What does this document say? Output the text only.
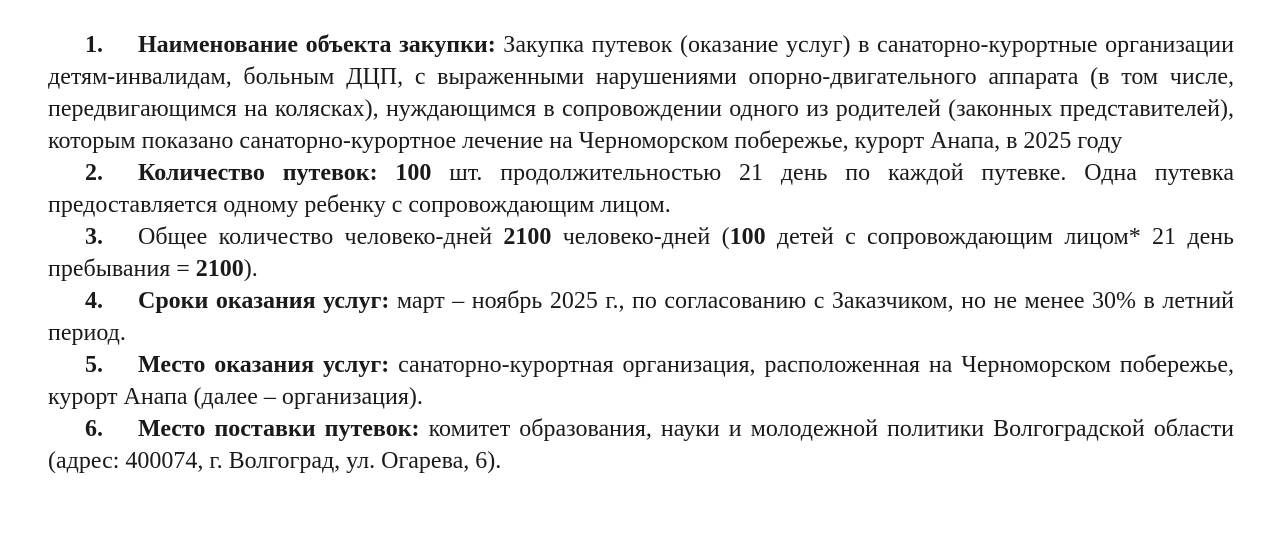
1. Наименование объекта закупки: Закупка путевок (оказание услуг) в санаторно-курортные организации детям-инвалидам, больным ДЦП, с выраженными нарушениями опорно-двигательного аппарата (в том числе, передвигающимся на колясках), нуждающимся в сопровождении одного из родителей (законных представителей), которым показано санаторно-курортное лечение на Черноморском побережье, курорт Анапа, в 2025 году

2. Количество путевок: 100 шт. продолжительностью 21 день по каждой путевке. Одна путевка предоставляется одному ребенку с сопровождающим лицом.

3. Общее количество человеко-дней 2100 человеко-дней (100 детей с сопровождающим лицом* 21 день пребывания = 2100).

4. Сроки оказания услуг: март – ноябрь 2025 г., по согласованию с Заказчиком, но не менее 30% в летний период.

5. Место оказания услуг: санаторно-курортная организация, расположенная на Черноморском побережье, курорт Анапа (далее – организация).

6. Место поставки путевок: комитет образования, науки и молодежной политики Волгоградской области (адрес: 400074, г. Волгоград, ул. Огарева, 6).
